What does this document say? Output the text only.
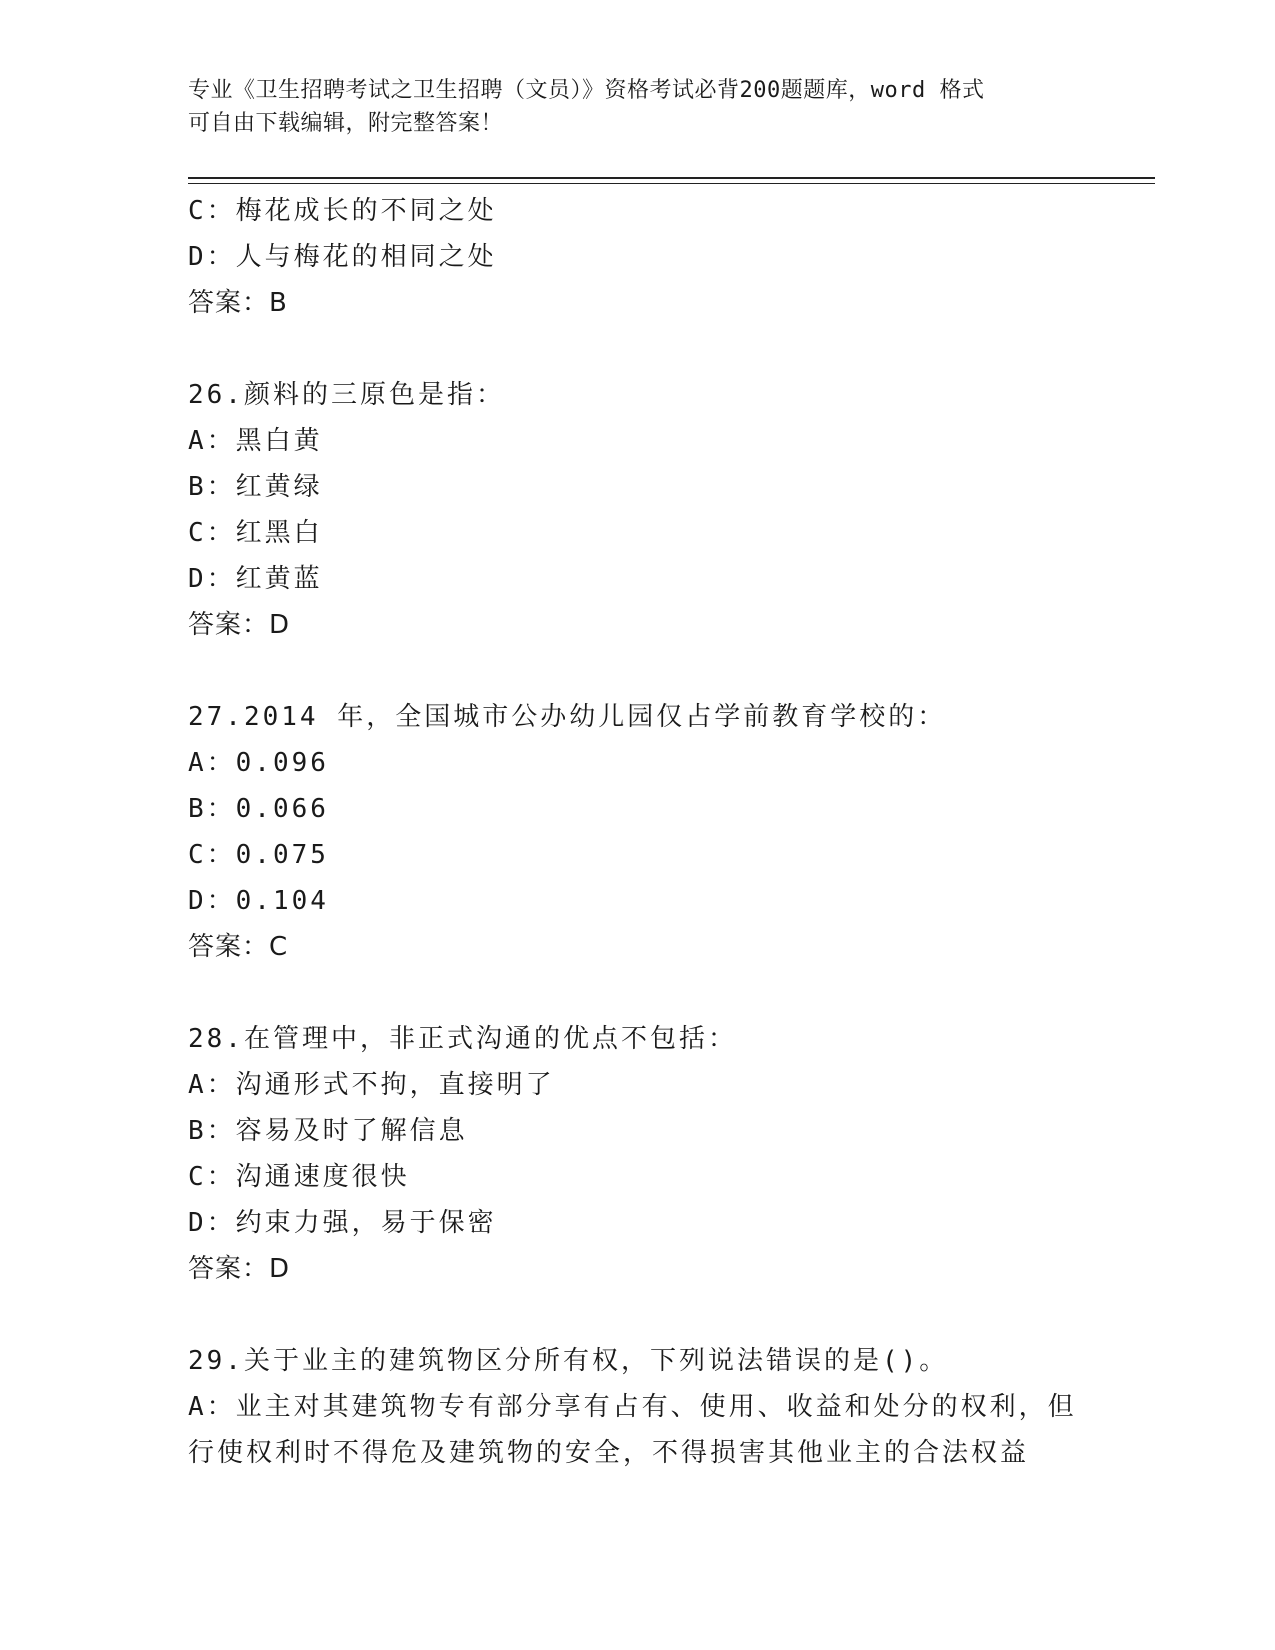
专业《卫生招聘考试之卫生招聘（文员）》资格考试必背200题题库，word 格式
可自由下载编辑，附完整答案！
C：梅花成长的不同之处
D：人与梅花的相同之处
答案：B
26.颜料的三原色是指：
A：黑白黄
B：红黄绿
C：红黑白
D：红黄蓝
答案：D
27.2014 年，全国城市公办幼儿园仅占学前教育学校的：
A：0.096
B：0.066
C：0.075
D：0.104
答案：C
28.在管理中，非正式沟通的优点不包括：
A：沟通形式不拘，直接明了
B：容易及时了解信息
C：沟通速度很快
D：约束力强，易于保密
答案：D
29.关于业主的建筑物区分所有权，下列说法错误的是()。
A：业主对其建筑物专有部分享有占有、使用、收益和处分的权利，但
行使权利时不得危及建筑物的安全，不得损害其他业主的合法权益
